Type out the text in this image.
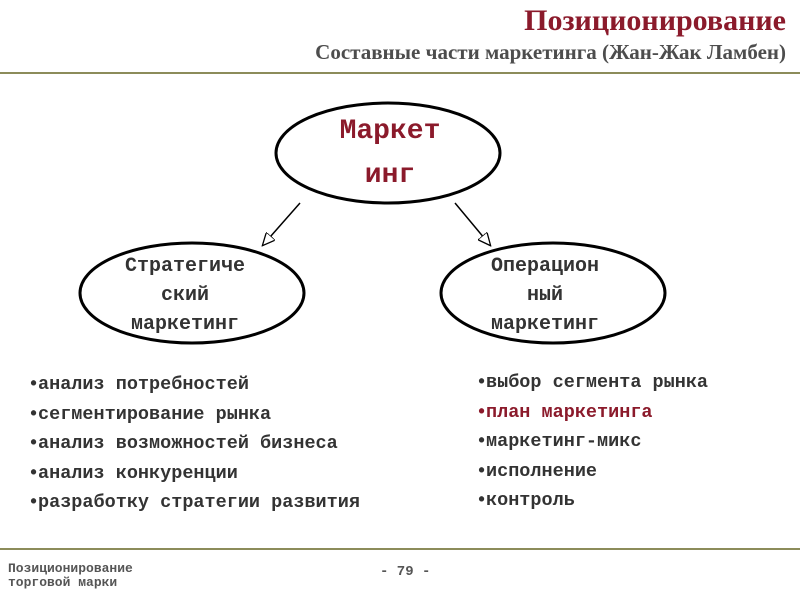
Позиционирование
Составные части маркетинга (Жан-Жак Ламбен)
Маркет
инг
Стратегиче
ский
маркетинг
Операцион
ный
маркетинг
•анализ потребностей
•сегментирование рынка
•анализ возможностей бизнеса
•анализ конкуренции
•разработку стратегии развития
•выбор сегмента рынка
•план маркетинга
•маркетинг-микс
•исполнение
•контроль
Позиционирование
торговой марки
- 79 -
